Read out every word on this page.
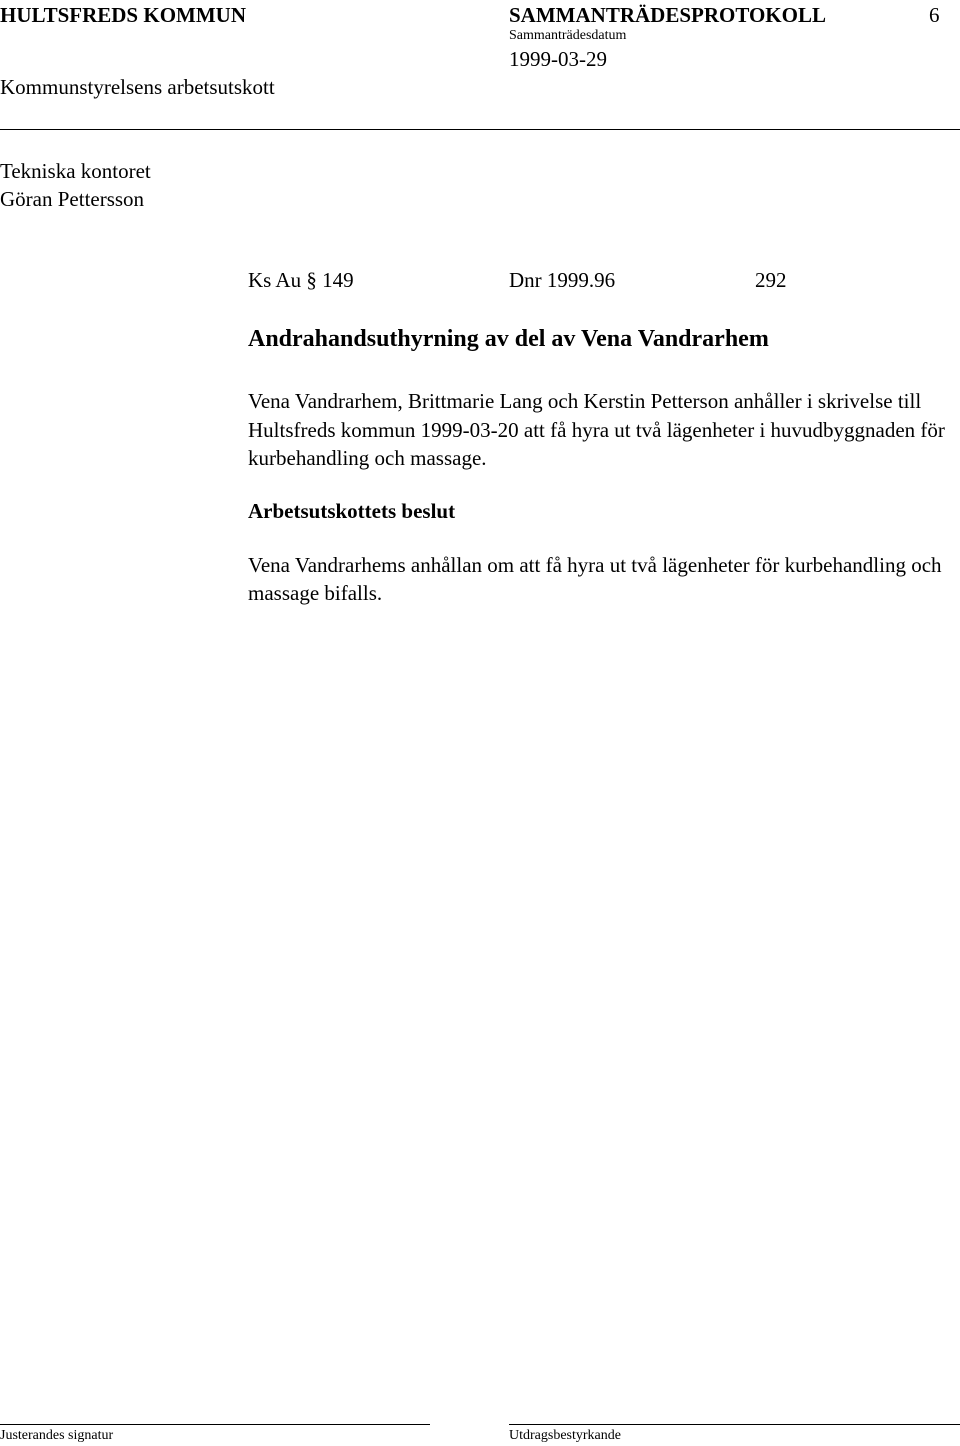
HULTSFREDS KOMMUN	SAMMANTRÄDESPROTOKOLL	6
Sammanträdesdatum
1999-03-29
Kommunstyrelsens arbetsutskott
Tekniska kontoret
Göran Pettersson
Ks Au § 149	Dnr 1999.96	292
Andrahandsuthyrning av del av Vena Vandrarhem
Vena Vandrarhem, Brittmarie Lang och Kerstin Petterson anhåller i skrivelse till Hultsfreds kommun 1999-03-20 att få hyra ut två lägenheter i huvudbyggnaden för kurbehandling och massage.
Arbetsutskottets beslut
Vena Vandrarhems anhållan om att få hyra ut två lägenheter för kurbehandling och massage bifalls.
Justerandes signatur	Utdragsbestyrkande
